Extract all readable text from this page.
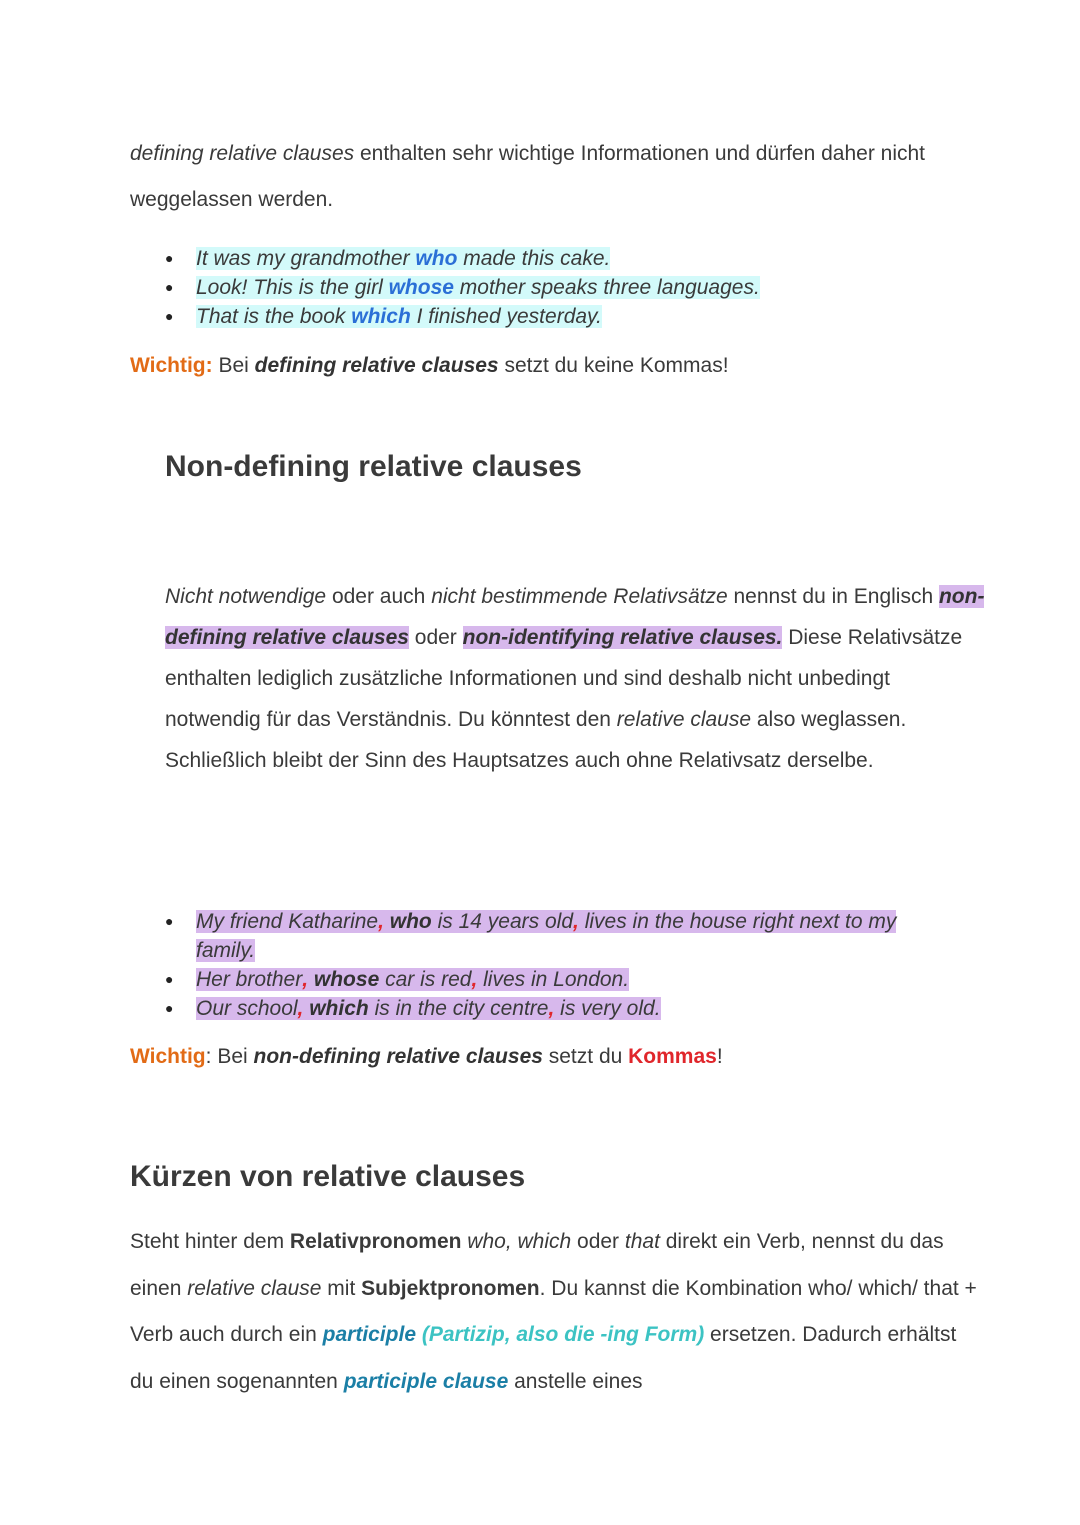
defining relative clauses enthalten sehr wichtige Informationen und dürfen daher nicht weggelassen werden.
● It was my grandmother who made this cake.
● Look! This is the girl whose mother speaks three languages.
● That is the book which I finished yesterday.
Wichtig: Bei defining relative clauses setzt du keine Kommas!
Non-defining relative clauses
Nicht notwendige oder auch nicht bestimmende Relativsätze nennst du in Englisch non-defining relative clauses oder non-identifying relative clauses. Diese Relativsätze enthalten lediglich zusätzliche Informationen und sind deshalb nicht unbedingt notwendig für das Verständnis. Du könntest den relative clause also weglassen. Schließlich bleibt der Sinn des Hauptsatzes auch ohne Relativsatz derselbe.
● My friend Katharine, who is 14 years old, lives in the house right next to my family.
● Her brother, whose car is red, lives in London.
● Our school, which is in the city centre, is very old.
Wichtig: Bei non-defining relative clauses setzt du Kommas!
Kürzen von relative clauses
Steht hinter dem Relativpronomen who, which oder that direkt ein Verb, nennst du das einen relative clause mit Subjektpronomen. Du kannst die Kombination who/ which/ that + Verb auch durch ein participle (Partizip, also die -ing Form) ersetzen. Dadurch erhältst du einen sogenannten participle clause anstelle eines
